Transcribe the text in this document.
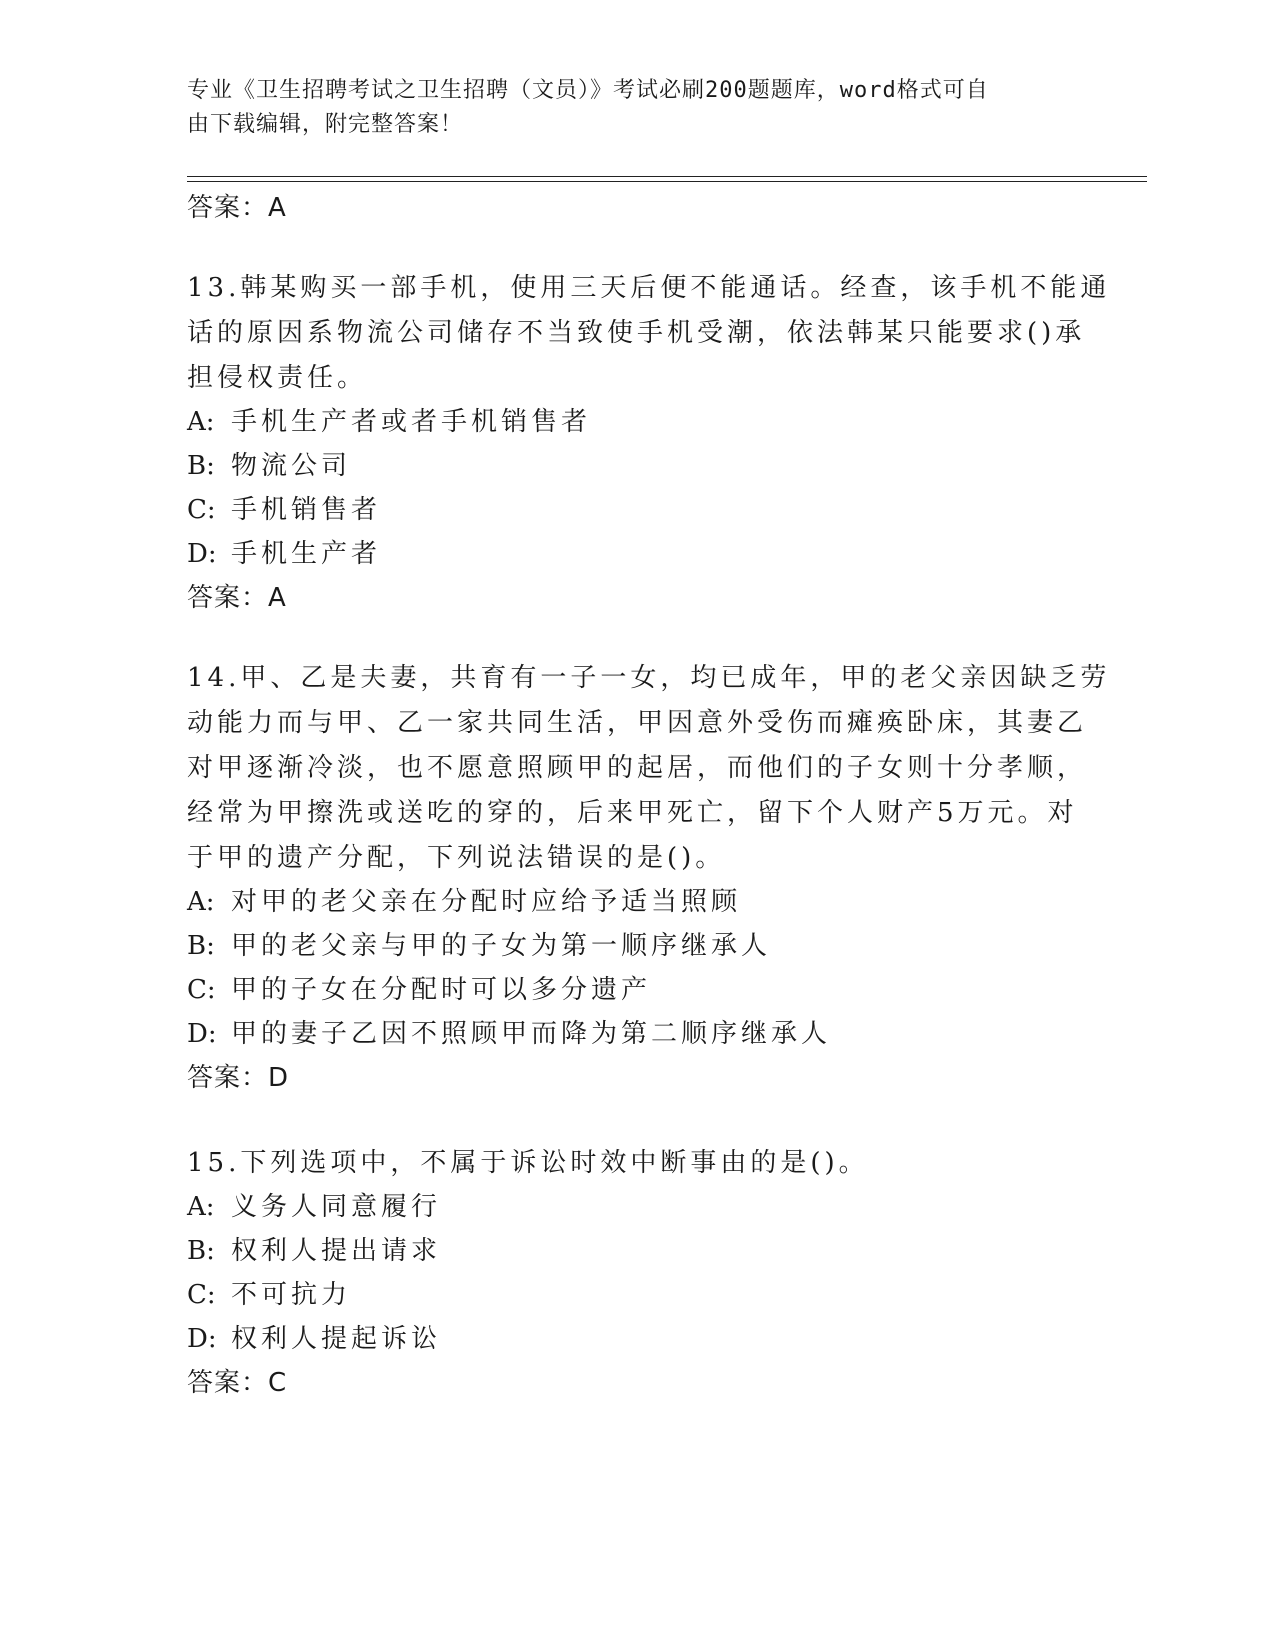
专业《卫生招聘考试之卫生招聘（文员）》考试必刷200题题库，word格式可自
由下载编辑，附完整答案！
答案：A
13.韩某购买一部手机，使用三天后便不能通话。经查，该手机不能通
话的原因系物流公司储存不当致使手机受潮，依法韩某只能要求()承
担侵权责任。
A: 手机生产者或者手机销售者
B: 物流公司
C: 手机销售者
D: 手机生产者
答案：A
14.甲、乙是夫妻，共育有一子一女，均已成年，甲的老父亲因缺乏劳
动能力而与甲、乙一家共同生活，甲因意外受伤而瘫痪卧床，其妻乙
对甲逐渐冷淡，也不愿意照顾甲的起居，而他们的子女则十分孝顺，
经常为甲擦洗或送吃的穿的，后来甲死亡，留下个人财产5万元。对
于甲的遗产分配，下列说法错误的是()。
A: 对甲的老父亲在分配时应给予适当照顾
B: 甲的老父亲与甲的子女为第一顺序继承人
C: 甲的子女在分配时可以多分遗产
D: 甲的妻子乙因不照顾甲而降为第二顺序继承人
答案：D
15.下列选项中，不属于诉讼时效中断事由的是()。
A: 义务人同意履行
B: 权利人提出请求
C: 不可抗力
D: 权利人提起诉讼
答案：C
